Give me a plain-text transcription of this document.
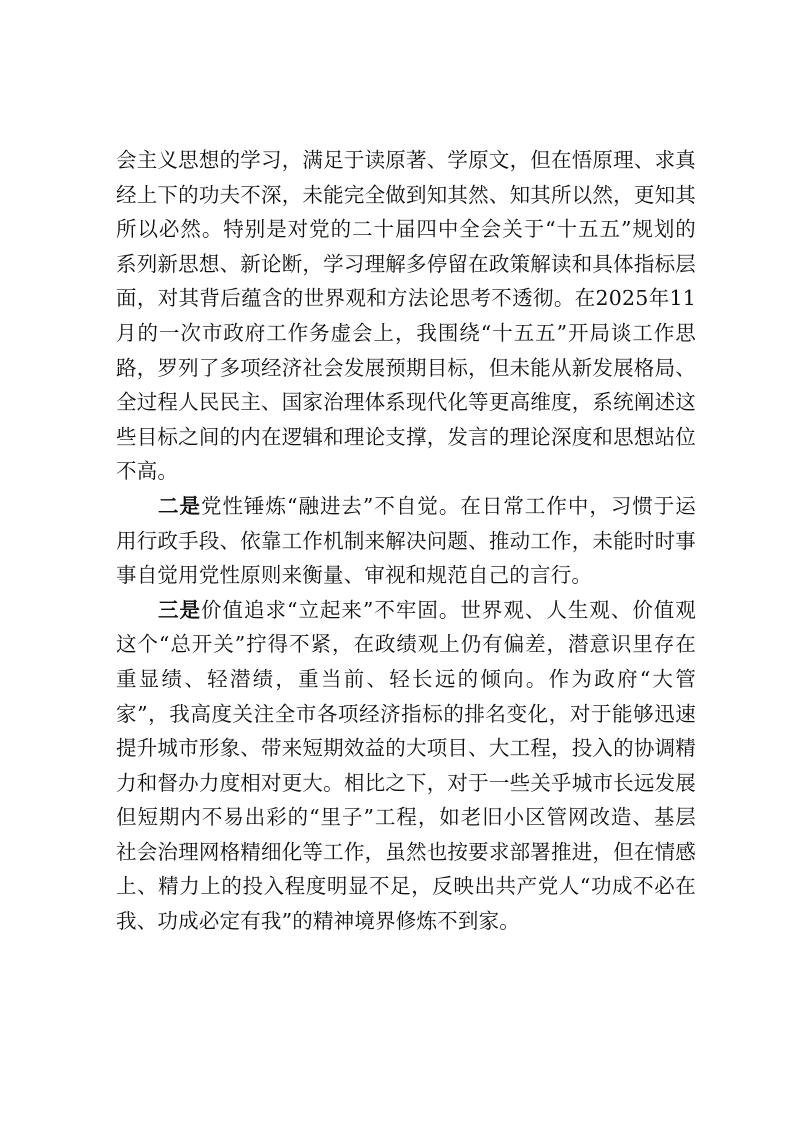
会主义思想的学习，满足于读原著、学原文，但在悟原理、求真经上下的功夫不深，未能完全做到知其然、知其所以然，更知其所以必然。特别是对党的二十届四中全会关于“十五五”规划的系列新思想、新论断，学习理解多停留在政策解读和具体指标层面，对其背后蕴含的世界观和方法论思考不透彻。在2025年11月的一次市政府工作务虚会上，我围绕“十五五”开局谈工作思路，罗列了多项经济社会发展预期目标，但未能从新发展格局、全过程人民民主、国家治理体系现代化等更高维度，系统阐述这些目标之间的内在逻辑和理论支撑，发言的理论深度和思想站位不高。

二是党性锤炼“融进去”不自觉。在日常工作中，习惯于运用行政手段、依靠工作机制来解决问题、推动工作，未能时时事事自觉用党性原则来衡量、审视和规范自己的言行。

三是价值追求“立起来”不牢固。世界观、人生观、价值观这个“总开关”拧得不紧，在政绩观上仍有偏差，潜意识里存在重显绩、轻潜绩，重当前、轻长远的倾向。作为政府“大管家”，我高度关注全市各项经济指标的排名变化，对于能够迅速提升城市形象、带来短期效益的大项目、大工程，投入的协调精力和督办力度相对更大。相比之下，对于一些关乎城市长远发展但短期内不易出彩的“里子”工程，如老旧小区管网改造、基层社会治理网格精细化等工作，虽然也按要求部署推进，但在情感上、精力上的投入程度明显不足，反映出共产党人“功成不必在我、功成必定有我”的精神境界修炼不到家。
